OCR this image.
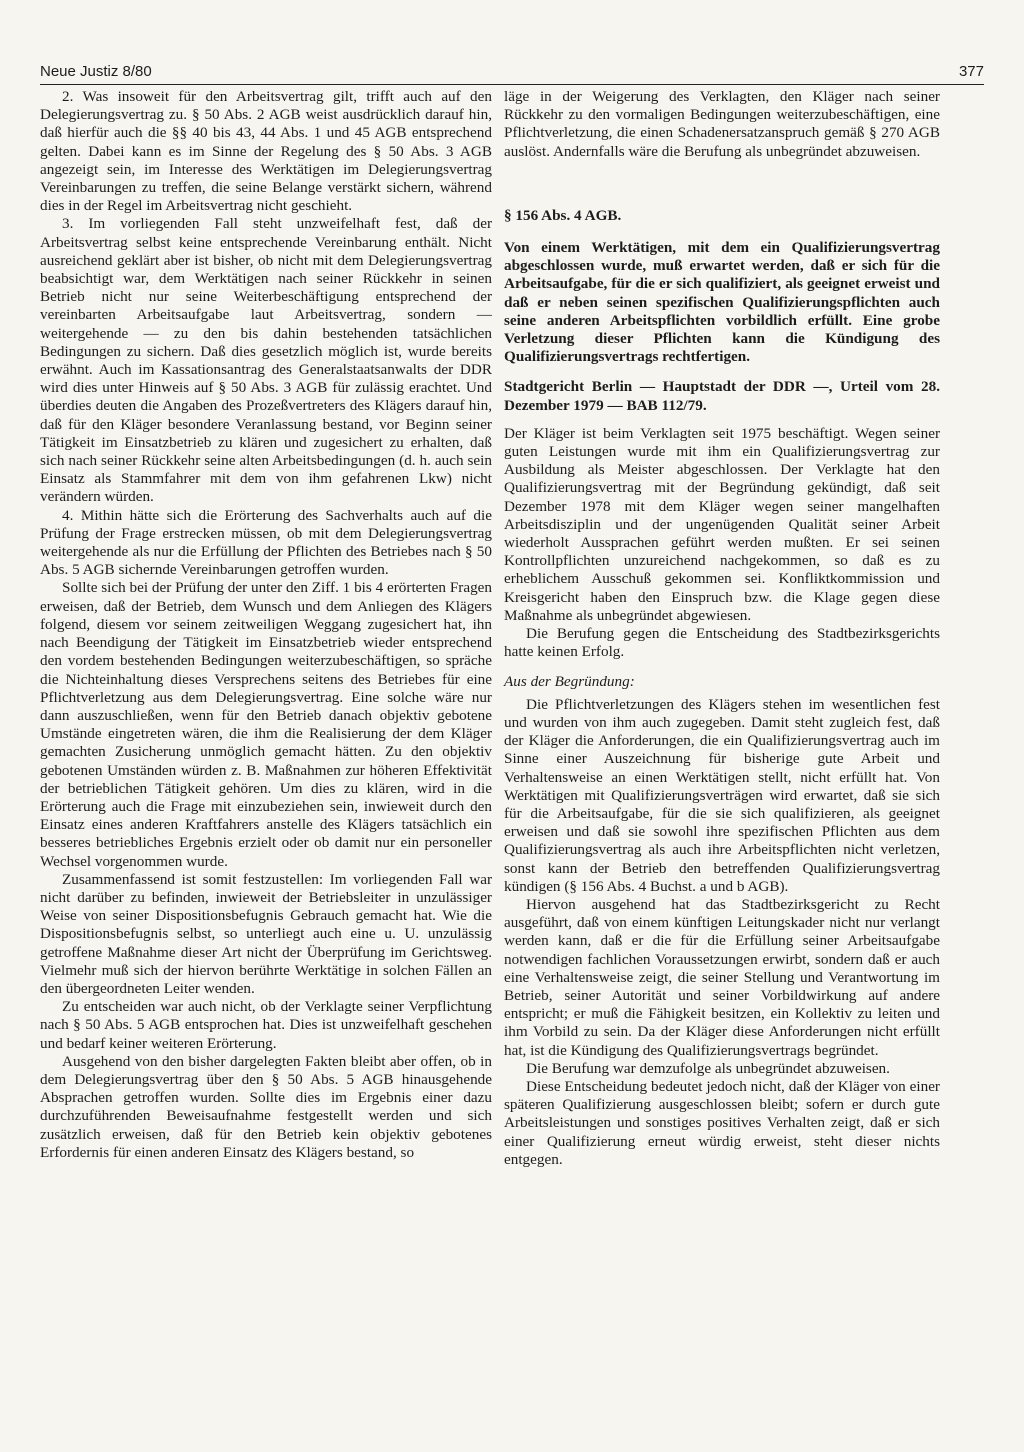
Neue Justiz 8/80	377

2. Was insoweit für den Arbeitsvertrag gilt, trifft auch auf den Delegierungsvertrag zu. § 50 Abs. 2 AGB weist ausdrücklich darauf hin, daß hierfür auch die §§ 40 bis 43, 44 Abs. 1 und 45 AGB entsprechend gelten. Dabei kann es im Sinne der Regelung des § 50 Abs. 3 AGB angezeigt sein, im Interesse des Werktätigen im Delegierungsvertrag Vereinbarungen zu treffen, die seine Belange verstärkt sichern, während dies in der Regel im Arbeitsvertrag nicht geschieht.

3. Im vorliegenden Fall steht unzweifelhaft fest, daß der Arbeitsvertrag selbst keine entsprechende Vereinbarung enthält. Nicht ausreichend geklärt aber ist bisher, ob nicht mit dem Delegierungsvertrag beabsichtigt war, dem Werktätigen nach seiner Rückkehr in seinen Betrieb nicht nur seine Weiterbeschäftigung entsprechend der vereinbarten Arbeitsaufgabe laut Arbeitsvertrag, sondern — weitergehende — zu den bis dahin bestehenden tatsächlichen Bedingungen zu sichern. Daß dies gesetzlich möglich ist, wurde bereits erwähnt. Auch im Kassationsantrag des Generalstaatsanwalts der DDR wird dies unter Hinweis auf § 50 Abs. 3 AGB für zulässig erachtet. Und überdies deuten die Angaben des Prozeßvertreters des Klägers darauf hin, daß für den Kläger besondere Veranlassung bestand, vor Beginn seiner Tätigkeit im Einsatzbetrieb zu klären und zugesichert zu erhalten, daß sich nach seiner Rückkehr seine alten Arbeitsbedingungen (d. h. auch sein Einsatz als Stammfahrer mit dem von ihm gefahrenen Lkw) nicht verändern würden.

4. Mithin hätte sich die Erörterung des Sachverhalts auch auf die Prüfung der Frage erstrecken müssen, ob mit dem Delegierungsvertrag weitergehende als nur die Erfüllung der Pflichten des Betriebes nach § 50 Abs. 5 AGB sichernde Vereinbarungen getroffen wurden.

Sollte sich bei der Prüfung der unter den Ziff. 1 bis 4 erörterten Fragen erweisen, daß der Betrieb, dem Wunsch und dem Anliegen des Klägers folgend, diesem vor seinem zeitweiligen Weggang zugesichert hat, ihn nach Beendigung der Tätigkeit im Einsatzbetrieb wieder entsprechend den vordem bestehenden Bedingungen weiterzubeschäftigen, so spräche die Nichteinhaltung dieses Versprechens seitens des Betriebes für eine Pflichtverletzung aus dem Delegierungsvertrag. Eine solche wäre nur dann auszuschließen, wenn für den Betrieb danach objektiv gebotene Umstände eingetreten wären, die ihm die Realisierung der dem Kläger gemachten Zusicherung unmöglich gemacht hätten. Zu den objektiv gebotenen Umständen würden z. B. Maßnahmen zur höheren Effektivität der betrieblichen Tätigkeit gehören. Um dies zu klären, wird in die Erörterung auch die Frage mit einzubeziehen sein, inwieweit durch den Einsatz eines anderen Kraftfahrers anstelle des Klägers tatsächlich ein besseres betriebliches Ergebnis erzielt oder ob damit nur ein personeller Wechsel vorgenommen wurde.

Zusammenfassend ist somit festzustellen: Im vorliegenden Fall war nicht darüber zu befinden, inwieweit der Betriebsleiter in unzulässiger Weise von seiner Dispositionsbefugnis Gebrauch gemacht hat. Wie die Dispositionsbefugnis selbst, so unterliegt auch eine u. U. unzulässig getroffene Maßnahme dieser Art nicht der Überprüfung im Gerichtsweg. Vielmehr muß sich der hiervon berührte Werktätige in solchen Fällen an den übergeordneten Leiter wenden.

Zu entscheiden war auch nicht, ob der Verklagte seiner Verpflichtung nach § 50 Abs. 5 AGB entsprochen hat. Dies ist unzweifelhaft geschehen und bedarf keiner weiteren Erörterung.

Ausgehend von den bisher dargelegten Fakten bleibt aber offen, ob in dem Delegierungsvertrag über den § 50 Abs. 5 AGB hinausgehende Absprachen getroffen wurden. Sollte dies im Ergebnis einer dazu durchzuführenden Beweisaufnahme festgestellt werden und sich zusätzlich erweisen, daß für den Betrieb kein objektiv gebotenes Erfordernis für einen anderen Einsatz des Klägers bestand, so

läge in der Weigerung des Verklagten, den Kläger nach seiner Rückkehr zu den vormaligen Bedingungen weiterzubeschäftigen, eine Pflichtverletzung, die einen Schadenersatzanspruch gemäß § 270 AGB auslöst. Andernfalls wäre die Berufung als unbegründet abzuweisen.

§ 156 Abs. 4 AGB.

Von einem Werktätigen, mit dem ein Qualifizierungsvertrag abgeschlossen wurde, muß erwartet werden, daß er sich für die Arbeitsaufgabe, für die er sich qualifiziert, als geeignet erweist und daß er neben seinen spezifischen Qualifizierungspflichten auch seine anderen Arbeitspflichten vorbildlich erfüllt. Eine grobe Verletzung dieser Pflichten kann die Kündigung des Qualifizierungsvertrags rechtfertigen.

Stadtgericht Berlin — Hauptstadt der DDR —, Urteil vom 28. Dezember 1979 — BAB 112/79.

Der Kläger ist beim Verklagten seit 1975 beschäftigt. Wegen seiner guten Leistungen wurde mit ihm ein Qualifizierungsvertrag zur Ausbildung als Meister abgeschlossen. Der Verklagte hat den Qualifizierungsvertrag mit der Begründung gekündigt, daß seit Dezember 1978 mit dem Kläger wegen seiner mangelhaften Arbeitsdisziplin und der ungenügenden Qualität seiner Arbeit wiederholt Aussprachen geführt werden mußten. Er sei seinen Kontrollpflichten unzureichend nachgekommen, so daß es zu erheblichem Ausschuß gekommen sei. Konfliktkommission und Kreisgericht haben den Einspruch bzw. die Klage gegen diese Maßnahme als unbegründet abgewiesen.

Die Berufung gegen die Entscheidung des Stadtbezirksgerichts hatte keinen Erfolg.

Aus der Begründung:

Die Pflichtverletzungen des Klägers stehen im wesentlichen fest und wurden von ihm auch zugegeben. Damit steht zugleich fest, daß der Kläger die Anforderungen, die ein Qualifizierungsvertrag auch im Sinne einer Auszeichnung für bisherige gute Arbeit und Verhaltensweise an einen Werktätigen stellt, nicht erfüllt hat. Von Werktätigen mit Qualifizierungsverträgen wird erwartet, daß sie sich für die Arbeitsaufgabe, für die sie sich qualifizieren, als geeignet erweisen und daß sie sowohl ihre spezifischen Pflichten aus dem Qualifizierungsvertrag als auch ihre Arbeitspflichten nicht verletzen, sonst kann der Betrieb den betreffenden Qualifizierungsvertrag kündigen (§ 156 Abs. 4 Buchst. a und b AGB).

Hiervon ausgehend hat das Stadtbezirksgericht zu Recht ausgeführt, daß von einem künftigen Leitungskader nicht nur verlangt werden kann, daß er die für die Erfüllung seiner Arbeitsaufgabe notwendigen fachlichen Voraussetzungen erwirbt, sondern daß er auch eine Verhaltensweise zeigt, die seiner Stellung und Verantwortung im Betrieb, seiner Autorität und seiner Vorbildwirkung auf andere entspricht; er muß die Fähigkeit besitzen, ein Kollektiv zu leiten und ihm Vorbild zu sein. Da der Kläger diese Anforderungen nicht erfüllt hat, ist die Kündigung des Qualifizierungsvertrags begründet.

Die Berufung war demzufolge als unbegründet abzuweisen.

Diese Entscheidung bedeutet jedoch nicht, daß der Kläger von einer späteren Qualifizierung ausgeschlossen bleibt; sofern er durch gute Arbeitsleistungen und sonstiges positives Verhalten zeigt, daß er sich einer Qualifizierung erneut würdig erweist, steht dieser nichts entgegen.
